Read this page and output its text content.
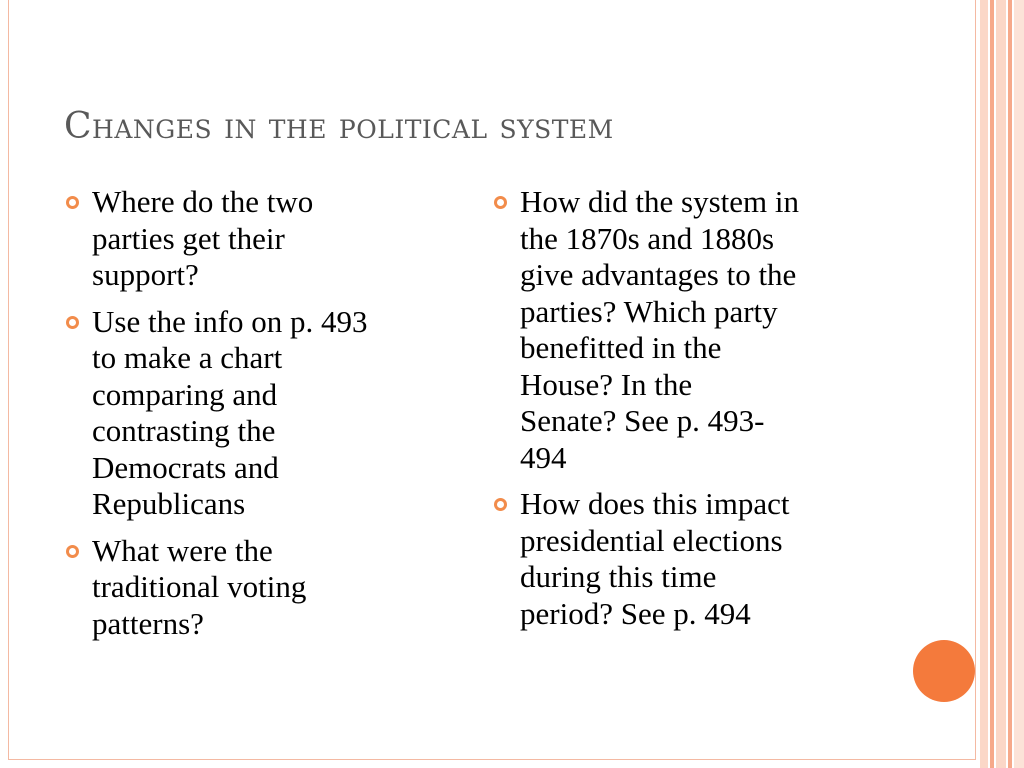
Changes in the political system
Where do the two
parties get their
support?
Use the info on p. 493
to make a chart
comparing and
contrasting the
Democrats and
Republicans
What were the
traditional voting
patterns?
How did the system in
the 1870s and 1880s
give advantages to the
parties? Which party
benefitted in the
House? In the
Senate? See p. 493-
494
How does this impact
presidential elections
during this time
period? See p. 494
